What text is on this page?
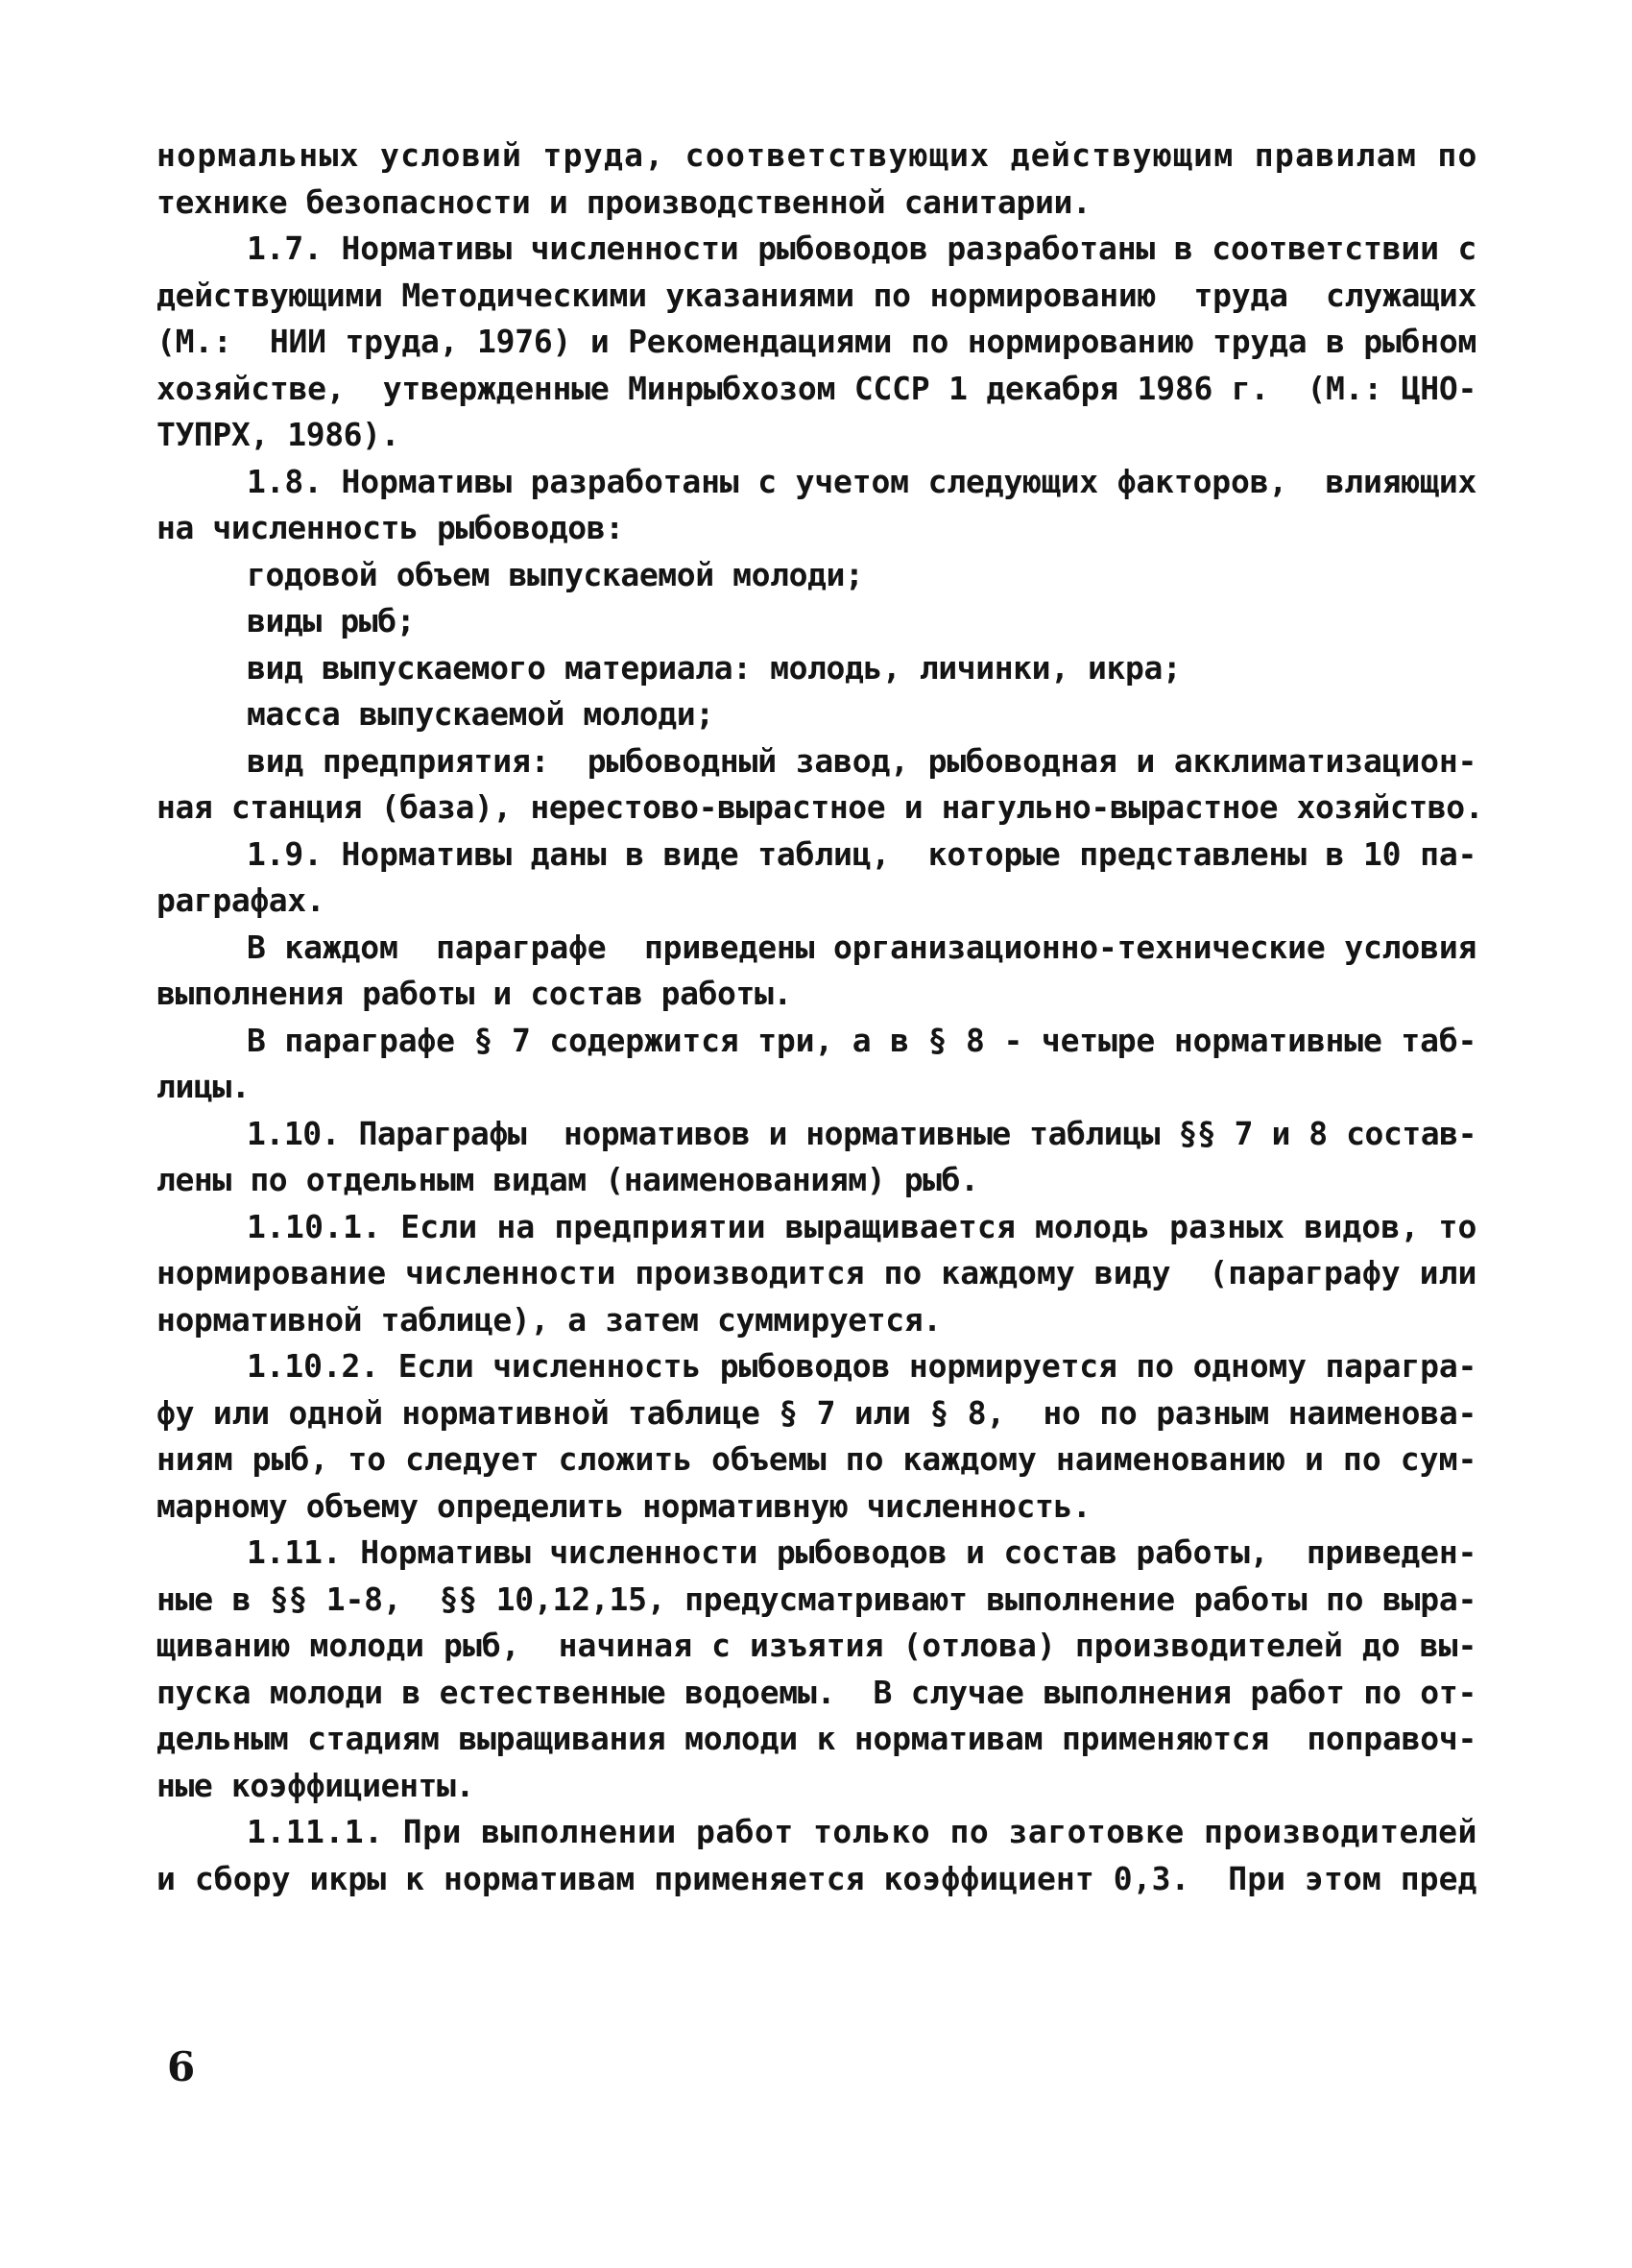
нормальных условий труда, соответствующих действующим правилам по
технике безопасности и производственной санитарии.
1.7. Нормативы численности рыбоводов разработаны в соответствии с
действующими Методическими указаниями по нормированию  труда  служащих
(М.:  НИИ труда, 1976) и Рекомендациями по нормированию труда в рыбном
хозяйстве,  утвержденные Минрыбхозом СССР 1 декабря 1986 г.  (М.: ЦНО-
ТУПРХ, 1986).
1.8. Нормативы разработаны с учетом следующих факторов,  влияющих
на численность рыбоводов:
годовой объем выпускаемой молоди;
виды рыб;
вид выпускаемого материала: молодь, личинки, икра;
масса выпускаемой молоди;
вид предприятия:  рыбоводный завод, рыбоводная и акклиматизацион-
ная станция (база), нерестово-вырастное и нагульно-вырастное хозяйство.
1.9. Нормативы даны в виде таблиц,  которые представлены в 10 па-
раграфах.
В каждом  параграфе  приведены организационно-технические условия
выполнения работы и состав работы.
В параграфе § 7 содержится три, а в § 8 - четыре нормативные таб-
лицы.
1.10. Параграфы  нормативов и нормативные таблицы §§ 7 и 8 состав-
лены по отдельным видам (наименованиям) рыб.
1.10.1. Если на предприятии выращивается молодь разных видов, то
нормирование численности производится по каждому виду  (параграфу или
нормативной таблице), а затем суммируется.
1.10.2. Если численность рыбоводов нормируется по одному парагра-
фу или одной нормативной таблице § 7 или § 8,  но по разным наименова-
ниям рыб, то следует сложить объемы по каждому наименованию и по сум-
марному объему определить нормативную численность.
1.11. Нормативы численности рыбоводов и состав работы,  приведен-
ные в §§ 1-8,  §§ 10,12,15, предусматривают выполнение работы по выра-
щиванию молоди рыб,  начиная с изъятия (отлова) производителей до вы-
пуска молоди в естественные водоемы.  В случае выполнения работ по от-
дельным стадиям выращивания молоди к нормативам применяются  поправоч-
ные коэффициенты.
1.11.1. При выполнении работ только по заготовке производителей
и сбору икры к нормативам применяется коэффициент 0,3.  При этом пред
6
